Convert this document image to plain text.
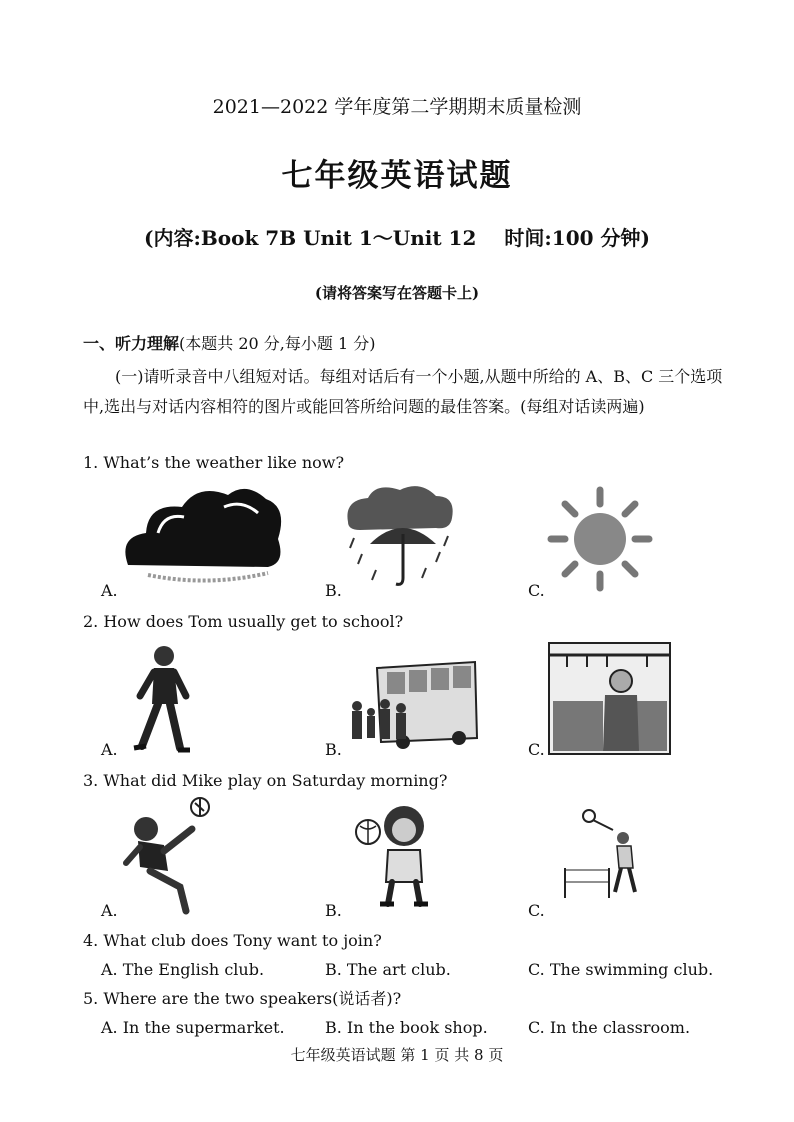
2021—2022 学年度第二学期期末质量检测
七年级英语试题
(内容:Book 7B Unit 1～Unit 12 时间:100 分钟)
(请将答案写在答题卡上)
一、听力理解(本题共 20 分,每小题 1 分)
(一)请听录音中八组短对话。每组对话后有一个小题,从题中所给的 A、B、C 三个选项中,选出与对话内容相符的图片或能回答所给问题的最佳答案。(每组对话读两遍)
1. What’s the weather like now?
A.	B.	C.
2. How does Tom usually get to school?
A.	B.	C.
3. What did Mike play on Saturday morning?
A.	B.	C.
4. What club does Tony want to join?
A. The English club.	B. The art club.	C. The swimming club.
5. Where are the two speakers(说话者)?
A. In the supermarket.	B. In the book shop.	C. In the classroom.
七年级英语试题 第 1 页 共 8 页
